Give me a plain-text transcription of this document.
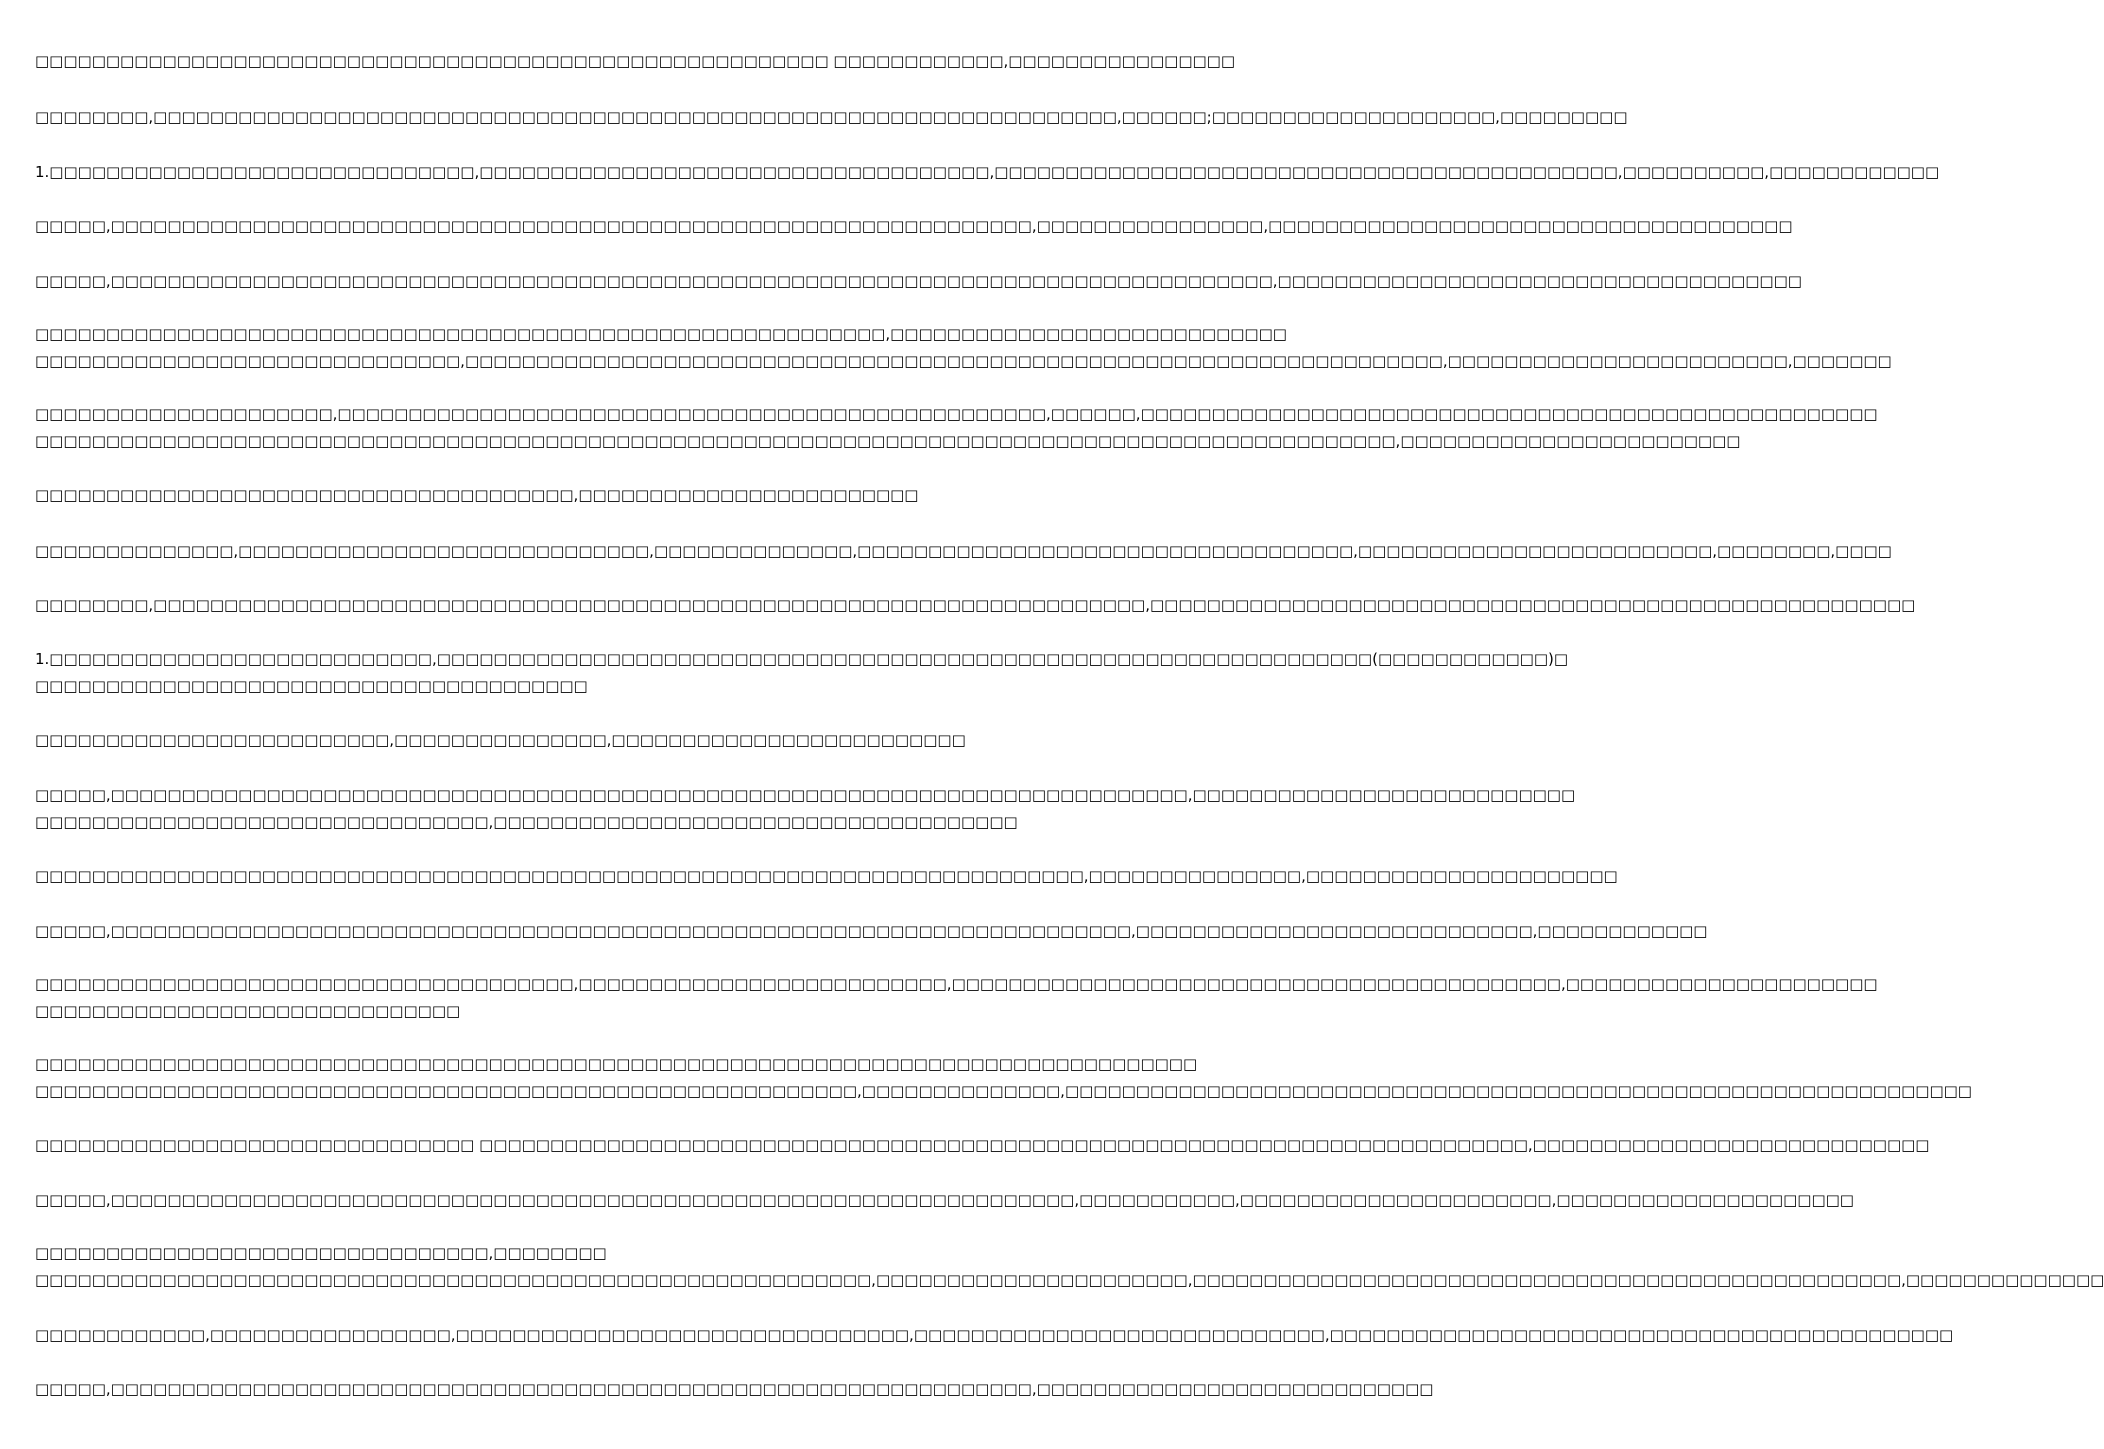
□□□□□□□□□□□□□□□□□□□□□□□□□□□□□□□□□□□□□□□□□□□□□□□□□□□□□□□□ □□□□□□□□□□□□,□□□□□□□□□□□□□□□□
□□□□□□□□,□□□□□□□□□□□□□□□□□□□□□□□□□□□□□□□□□□□□□□□□□□□□□□□□□□□□□□□□□□□□□□□□□□□□,□□□□□□;□□□□□□□□□□□□□□□□□□□□,□□□□□□□□□
1.□□□□□□□□□□□□□□□□□□□□□□□□□□□□□□,□□□□□□□□□□□□□□□□□□□□□□□□□□□□□□□□□□□□,□□□□□□□□□□□□□□□□□□□□□□□□□□□□□□□□□□□□□□□□□□□□,□□□□□□□□□□,□□□□□□□□□□□□
□□□□□,□□□□□□□□□□□□□□□□□□□□□□□□□□□□□□□□□□□□□□□□□□□□□□□□□□□□□□□□□□□□□□□□□,□□□□□□□□□□□□□□□□,□□□□□□□□□□□□□□□□□□□□□□□□□□□□□□□□□□□□□
□□□□□,□□□□□□□□□□□□□□□□□□□□□□□□□□□□□□□□□□□□□□□□□□□□□□□□□□□□□□□□□□□□□□□□□□□□□□□□□□□□□□□□□□,□□□□□□□□□□□□□□□□□□□□□□□□□□□□□□□□□□□□□
□□□□□□□□□□□□□□□□□□□□□□□□□□□□□□□□□□□□□□□□□□□□□□□□□□□□□□□□□□□□,□□□□□□□□□□□□□□□□□□□□□□□□□□□□
□□□□□□□□□□□□□□□□□□□□□□□□□□□□□□,□□□□□□□□□□□□□□□□□□□□□□□□□□□□□□□□□□□□□□□□□□□□□□□□□□□□□□□□□□□□□□□□□□□□□,□□□□□□□□□□□□□□□□□□□□□□□□,□□□□□□□
□□□□□□□□□□□□□□□□□□□□□,□□□□□□□□□□□□□□□□□□□□□□□□□□□□□□□□□□□□□□□□□□□□□□□□□□,□□□□□□,□□□□□□□□□□□□□□□□□□□□□□□□□□□□□□□□□□□□□□□□□□□□□□□□□□□□
□□□□□□□□□□□□□□□□□□□□□□□□□□□□□□□□□□□□□□□□□□□□□□□□□□□□□□□□□□□□□□□□□□□□□□□□□□□□□□□□□□□□□□□□□□□□□□□□,□□□□□□□□□□□□□□□□□□□□□□□□
□□□□□□□□□□□□□□□□□□□□□□□□□□□□□□□□□□□□□□,□□□□□□□□□□□□□□□□□□□□□□□□
□□□□□□□□□□□□□□,□□□□□□□□□□□□□□□□□□□□□□□□□□□□□,□□□□□□□□□□□□□□,□□□□□□□□□□□□□□□□□□□□□□□□□□□□□□□□□□□,□□□□□□□□□□□□□□□□□□□□□□□□□,□□□□□□□□,□□□□
□□□□□□□□,□□□□□□□□□□□□□□□□□□□□□□□□□□□□□□□□□□□□□□□□□□□□□□□□□□□□□□□□□□□□□□□□□□□□□□,□□□□□□□□□□□□□□□□□□□□□□□□□□□□□□□□□□□□□□□□□□□□□□□□□□□□□□
1.□□□□□□□□□□□□□□□□□□□□□□□□□□□,□□□□□□□□□□□□□□□□□□□□□□□□□□□□□□□□□□□□□□□□□□□□□□□□□□□□□□□□□□□□□□□□□□(□□□□□□□□□□□□)□
□□□□□□□□□□□□□□□□□□□□□□□□□□□□□□□□□□□□□□□
□□□□□□□□□□□□□□□□□□□□□□□□□,□□□□□□□□□□□□□□□,□□□□□□□□□□□□□□□□□□□□□□□□□
□□□□□,□□□□□□□□□□□□□□□□□□□□□□□□□□□□□□□□□□□□□□□□□□□□□□□□□□□□□□□□□□□□□□□□□□□□□□□□□□□□,□□□□□□□□□□□□□□□□□□□□□□□□□□□
□□□□□□□□□□□□□□□□□□□□□□□□□□□□□□□□,□□□□□□□□□□□□□□□□□□□□□□□□□□□□□□□□□□□□□
□□□□□□□□□□□□□□□□□□□□□□□□□□□□□□□□□□□□□□□□□□□□□□□□□□□□□□□□□□□□□□□□□□□□□□□□□□,□□□□□□□□□□□□□□□,□□□□□□□□□□□□□□□□□□□□□□
□□□□□,□□□□□□□□□□□□□□□□□□□□□□□□□□□□□□□□□□□□□□□□□□□□□□□□□□□□□□□□□□□□□□□□□□□□□□□□,□□□□□□□□□□□□□□□□□□□□□□□□□□□□,□□□□□□□□□□□□
□□□□□□□□□□□□□□□□□□□□□□□□□□□□□□□□□□□□□□,□□□□□□□□□□□□□□□□□□□□□□□□□□,□□□□□□□□□□□□□□□□□□□□□□□□□□□□□□□□□□□□□□□□□□□,□□□□□□□□□□□□□□□□□□□□□□
□□□□□□□□□□□□□□□□□□□□□□□□□□□□□□
□□□□□□□□□□□□□□□□□□□□□□□□□□□□□□□□□□□□□□□□□□□□□□□□□□□□□□□□□□□□□□□□□□□□□□□□□□□□□□□□□□
□□□□□□□□□□□□□□□□□□□□□□□□□□□□□□□□□□□□□□□□□□□□□□□□□□□□□□□□□□,□□□□□□□□□□□□□□,□□□□□□□□□□□□□□□□□□□□□□□□□□□□□□□□□□□□□□□□□□□□□□□□□□□□□□□□□□□□□□□□
□□□□□□□□□□□□□□□□□□□□□□□□□□□□□□□ □□□□□□□□□□□□□□□□□□□□□□□□□□□□□□□□□□□□□□□□□□□□□□□□□□□□□□□□□□□□□□□□□□□□□□□□□□,□□□□□□□□□□□□□□□□□□□□□□□□□□□□
□□□□□,□□□□□□□□□□□□□□□□□□□□□□□□□□□□□□□□□□□□□□□□□□□□□□□□□□□□□□□□□□□□□□□□□□□□,□□□□□□□□□□□,□□□□□□□□□□□□□□□□□□□□□□,□□□□□□□□□□□□□□□□□□□□□
□□□□□□□□□□□□□□□□□□□□□□□□□□□□□□□□,□□□□□□□□
□□□□□□□□□□□□□□□□□□□□□□□□□□□□□□□□□□□□□□□□□□□□□□□□□□□□□□□□□□□,□□□□□□□□□□□□□□□□□□□□□□,□□□□□□□□□□□□□□□□□□□□□□□□□□□□□□□□□□□□□□□□□□□□□□□□□□,□□□□□□□□□□□□□□
□□□□□□□□□□□□,□□□□□□□□□□□□□□□□□,□□□□□□□□□□□□□□□□□□□□□□□□□□□□□□□□,□□□□□□□□□□□□□□□□□□□□□□□□□□□□□,□□□□□□□□□□□□□□□□□□□□□□□□□□□□□□□□□□□□□□□□□□□□
□□□□□,□□□□□□□□□□□□□□□□□□□□□□□□□□□□□□□□□□□□□□□□□□□□□□□□□□□□□□□□□□□□□□□□□,□□□□□□□□□□□□□□□□□□□□□□□□□□□□
